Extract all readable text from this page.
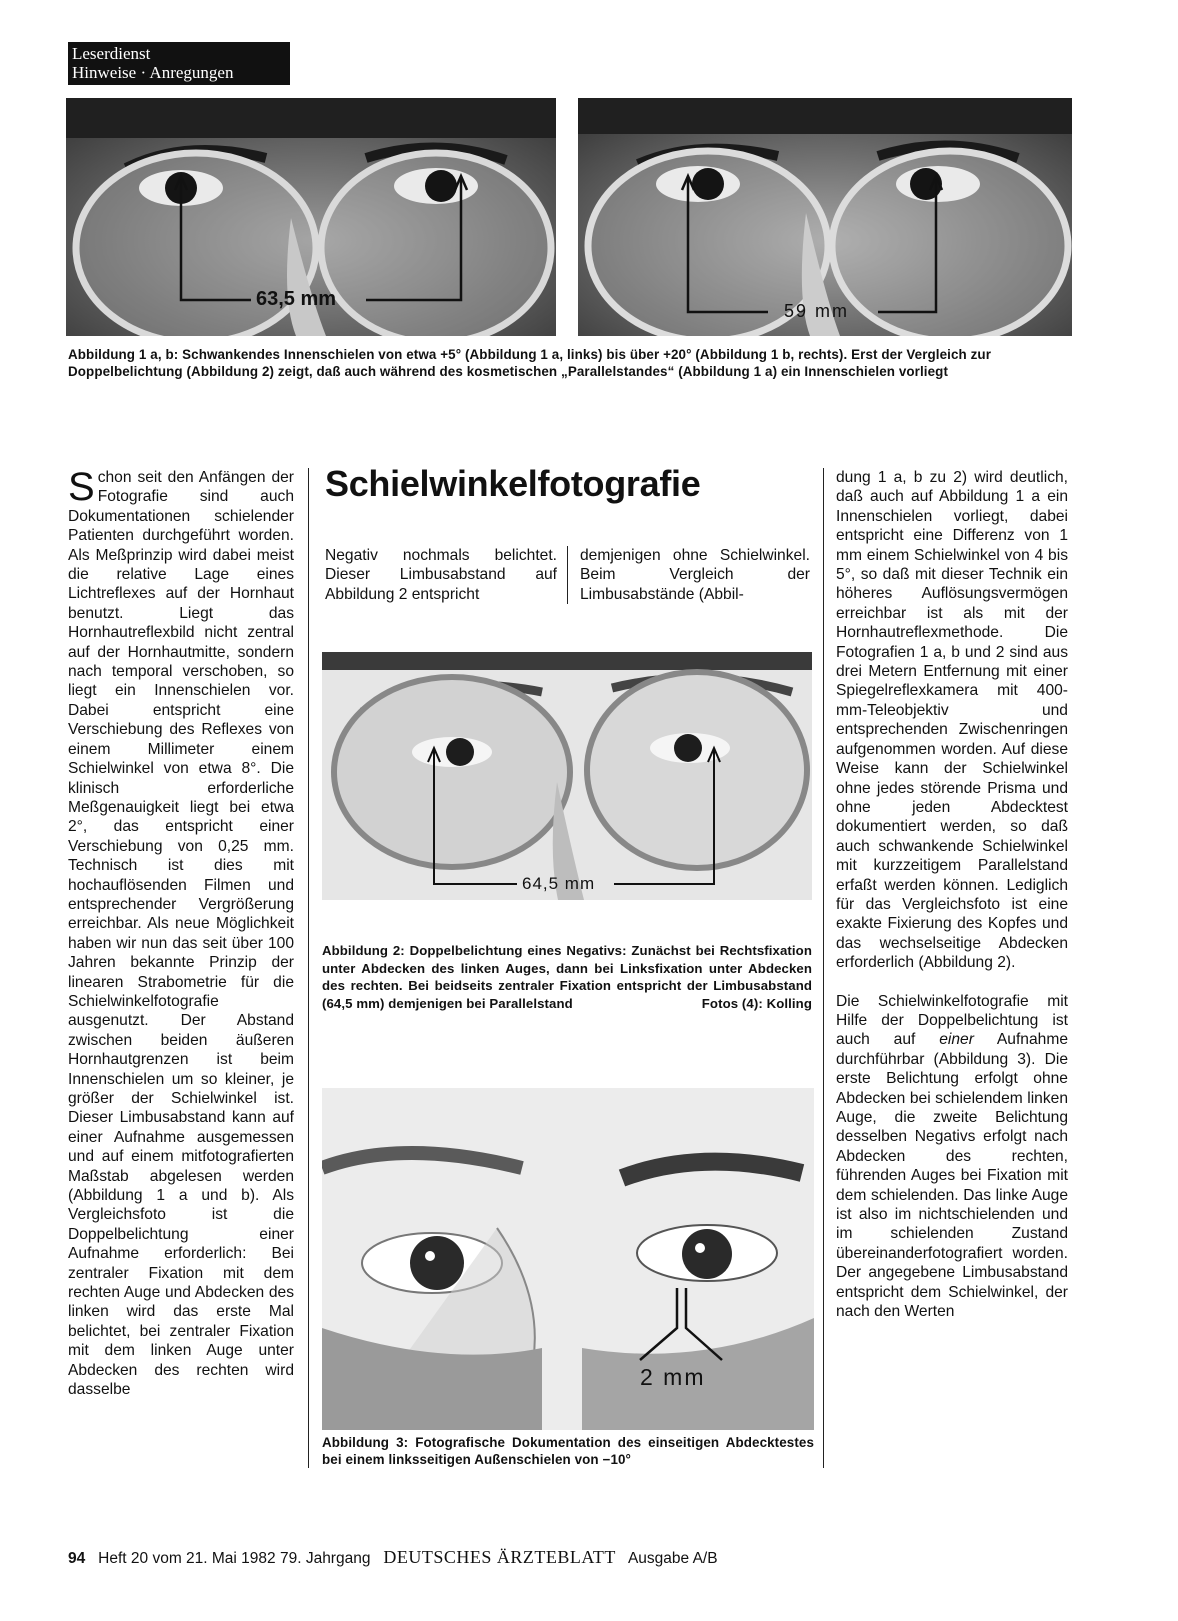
Leserdienst
Hinweise · Anregungen
63,5 mm
59 mm
Abbildung 1 a, b: Schwankendes Innenschielen von etwa +5° (Abbildung 1 a, links) bis über +20° (Abbildung 1 b, rechts). Erst der Vergleich zur Doppelbelichtung (Abbildung 2) zeigt, daß auch während des kosmetischen „Parallelstandes“ (Abbildung 1 a) ein Innenschielen vorliegt

Schon seit den Anfängen der Fotografie sind auch Dokumentationen schielender Patienten durchgeführt worden. Als Meßprinzip wird dabei meist die relative Lage eines Lichtreflexes auf der Hornhaut benutzt. Liegt das Hornhautreflexbild nicht zentral auf der Hornhautmitte, sondern nach temporal verschoben, so liegt ein Innenschielen vor. Dabei entspricht eine Verschiebung des Reflexes von einem Millimeter einem Schielwinkel von etwa 8°. Die klinisch erforderliche Meßgenauigkeit liegt bei etwa 2°, das entspricht einer Verschiebung von 0,25 mm. Technisch ist dies mit hochauflösenden Filmen und entsprechender Vergrößerung erreichbar. Als neue Möglichkeit haben wir nun das seit über 100 Jahren bekannte Prinzip der linearen Strabometrie für die Schielwinkelfotografie ausgenutzt. Der Abstand zwischen beiden äußeren Hornhautgrenzen ist beim Innenschielen um so kleiner, je größer der Schielwinkel ist. Dieser Limbusabstand kann auf einer Aufnahme ausgemessen und auf einem mitfotografierten Maßstab abgelesen werden (Abbildung 1 a und b). Als Vergleichsfoto ist die Doppelbelichtung einer Aufnahme erforderlich: Bei zentraler Fixation mit dem rechten Auge und Abdecken des linken wird das erste Mal belichtet, bei zentraler Fixation mit dem linken Auge unter Abdecken des rechten wird dasselbe

Schielwinkelfotografie
Negativ nochmals belichtet. Dieser Limbusabstand auf Abbildung 2 entspricht
demjenigen ohne Schielwinkel. Beim Vergleich der Limbusabstände (Abbil-
64,5 mm
Abbildung 2: Doppelbelichtung eines Negativs: Zunächst bei Rechtsfixation unter Abdecken des linken Auges, dann bei Linksfixation unter Abdecken des rechten. Bei beidseits zentraler Fixation entspricht der Limbusabstand (64,5 mm) demjenigen bei Parallelstand	Fotos (4): Kolling
2 mm
Abbildung 3: Fotografische Dokumentation des einseitigen Abdecktestes bei einem linksseitigen Außenschielen von −10°

dung 1 a, b zu 2) wird deutlich, daß auch auf Abbildung 1 a ein Innenschielen vorliegt, dabei entspricht eine Differenz von 1 mm einem Schielwinkel von 4 bis 5°, so daß mit dieser Technik ein höheres Auflösungsvermögen erreichbar ist als mit der Hornhautreflexmethode. Die Fotografien 1 a, b und 2 sind aus drei Metern Entfernung mit einer Spiegelreflexkamera mit 400-mm-Teleobjektiv und entsprechenden Zwischenringen aufgenommen worden. Auf diese Weise kann der Schielwinkel ohne jedes störende Prisma und ohne jeden Abdecktest dokumentiert werden, so daß auch schwankende Schielwinkel mit kurzzeitigem Parallelstand erfaßt werden können. Lediglich für das Vergleichsfoto ist eine exakte Fixierung des Kopfes und das wechselseitige Abdecken erforderlich (Abbildung 2).

Die Schielwinkelfotografie mit Hilfe der Doppelbelichtung ist auch auf einer Aufnahme durchführbar (Abbildung 3). Die erste Belichtung erfolgt ohne Abdecken bei schielendem linken Auge, die zweite Belichtung desselben Negativs erfolgt nach Abdecken des rechten, führenden Auges bei Fixation mit dem schielenden. Das linke Auge ist also im nichtschielenden und im schielenden Zustand übereinanderfotografiert worden. Der angegebene Limbusabstand entspricht dem Schielwinkel, der nach den Werten

94 Heft 20 vom 21. Mai 1982 79. Jahrgang DEUTSCHES ÄRZTEBLATT Ausgabe A/B
